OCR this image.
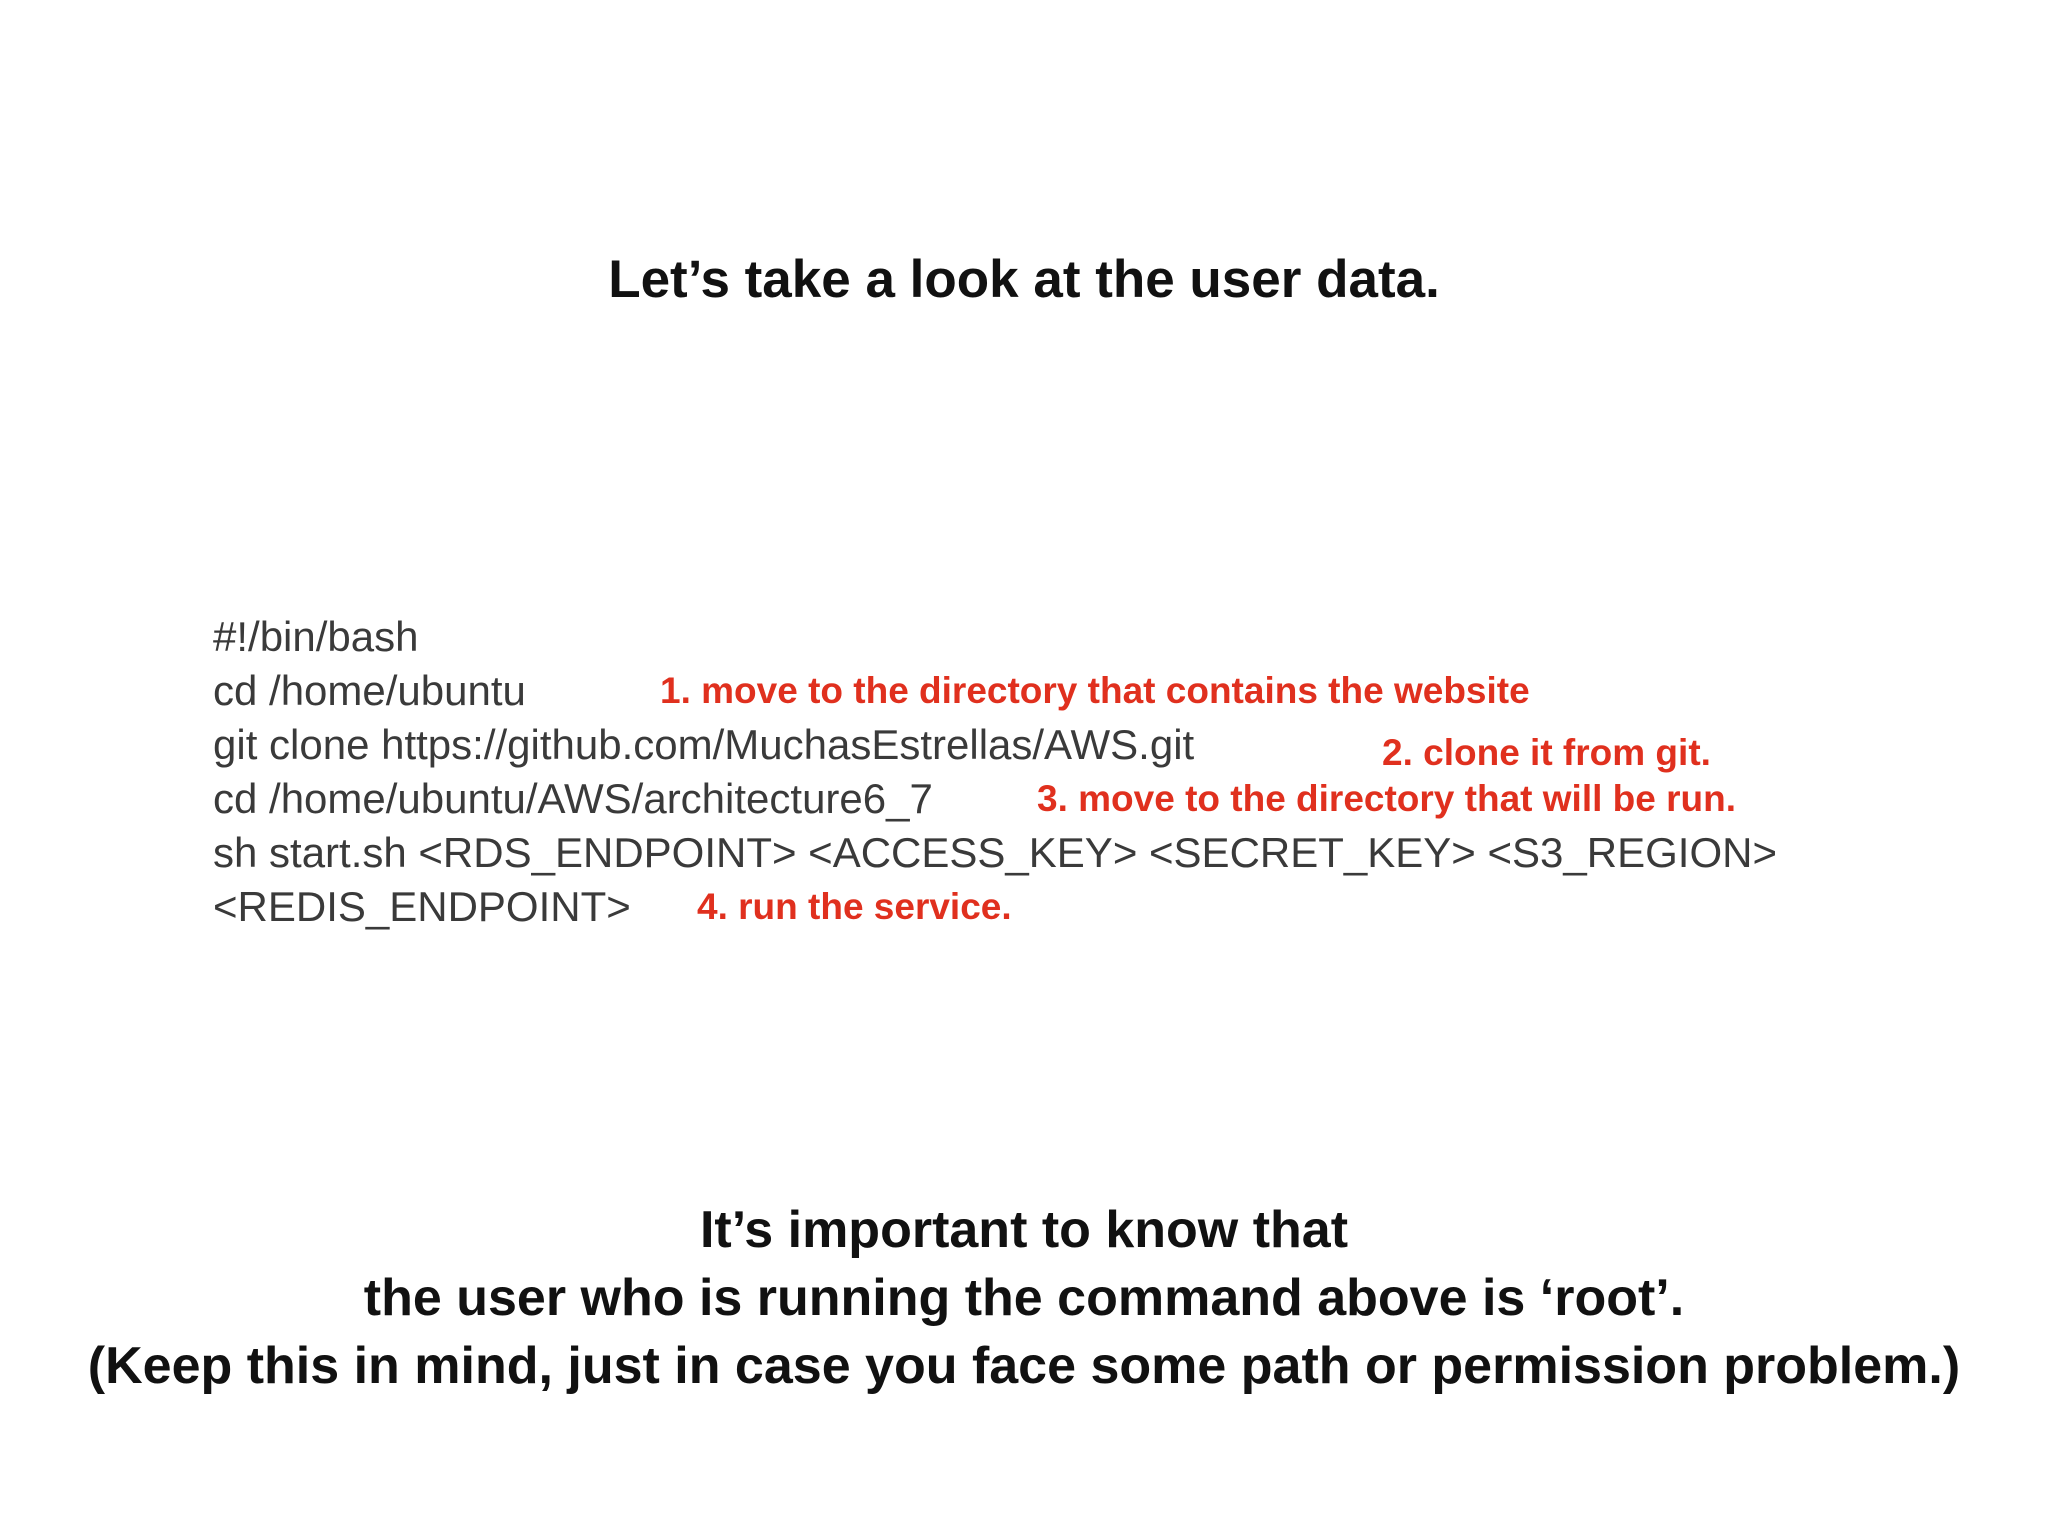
Let’s take a look at the user data.
#!/bin/bash
cd /home/ubuntu
git clone https://github.com/MuchasEstrellas/AWS.git
cd /home/ubuntu/AWS/architecture6_7
sh start.sh <RDS_ENDPOINT> <ACCESS_KEY> <SECRET_KEY> <S3_REGION>
<REDIS_ENDPOINT>
1. move to the directory that contains the website
2. clone it from git.
3. move to the directory that will be run.
4. run the service.
It’s important to know that
the user who is running the command above is ‘root’.
(Keep this in mind, just in case you face some path or permission problem.)
